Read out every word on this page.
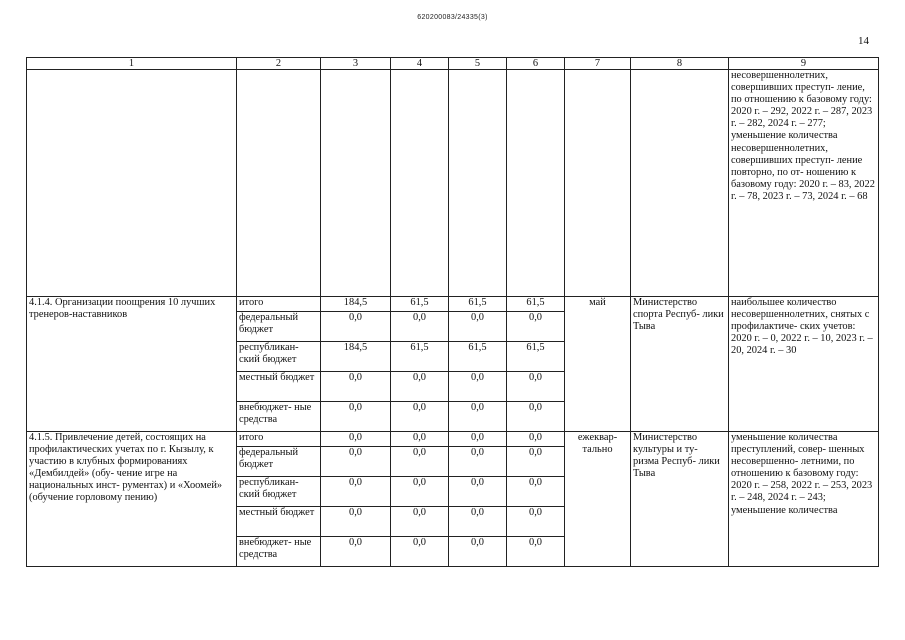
620200083/24335(3)
14
1	2	3	4	5	6	7	8	9
								несовершеннолетних, совершивших преступ- ление, по отношению к базовому году: 2020 г. – 292, 2022 г. – 287, 2023 г. – 282, 2024 г. – 277; уменьшение количества несовершеннолетних, совершивших преступ- ление повторно, по от- ношению к базовому году: 2020 г. – 83, 2022 г. – 78, 2023 г. – 73, 2024 г. – 68
4.1.4. Организации поощрения 10 лучших тренеров-наставников	итого	184,5	61,5	61,5	61,5	май	Министерство спорта Респуб- лики Тыва	наибольшее количество несовершеннолетних, снятых с профилактиче- ских учетов: 2020 г. – 0, 2022 г. – 10, 2023 г. – 20, 2024 г. – 30
	федеральный бюджет	0,0	0,0	0,0	0,0			
	республикан- ский бюджет	184,5	61,5	61,5	61,5			
	местный бюджет	0,0	0,0	0,0	0,0			
	внебюджет- ные средства	0,0	0,0	0,0	0,0			
4.1.5. Привлечение детей, состоящих на профилактических учетах по г. Кызылу, к участию в клубных формированиях «Дембилдей» (обу- чение игре на национальных инст- рументах) и «Хоомей» (обучение горловому пению)	итого	0,0	0,0	0,0	0,0	ежеквар- тально	Министерство культуры и ту- ризма Респуб- лики Тыва	уменьшение количества преступлений, совер- шенных несовершенно- летними, по отношению к базовому году: 2020 г. – 258, 2022 г. – 253, 2023 г. – 248, 2024 г. – 243; уменьшение количества
	федеральный бюджет	0,0	0,0	0,0	0,0			
	республикан- ский бюджет	0,0	0,0	0,0	0,0			
	местный бюджет	0,0	0,0	0,0	0,0			
	внебюджет- ные средства	0,0	0,0	0,0	0,0			
